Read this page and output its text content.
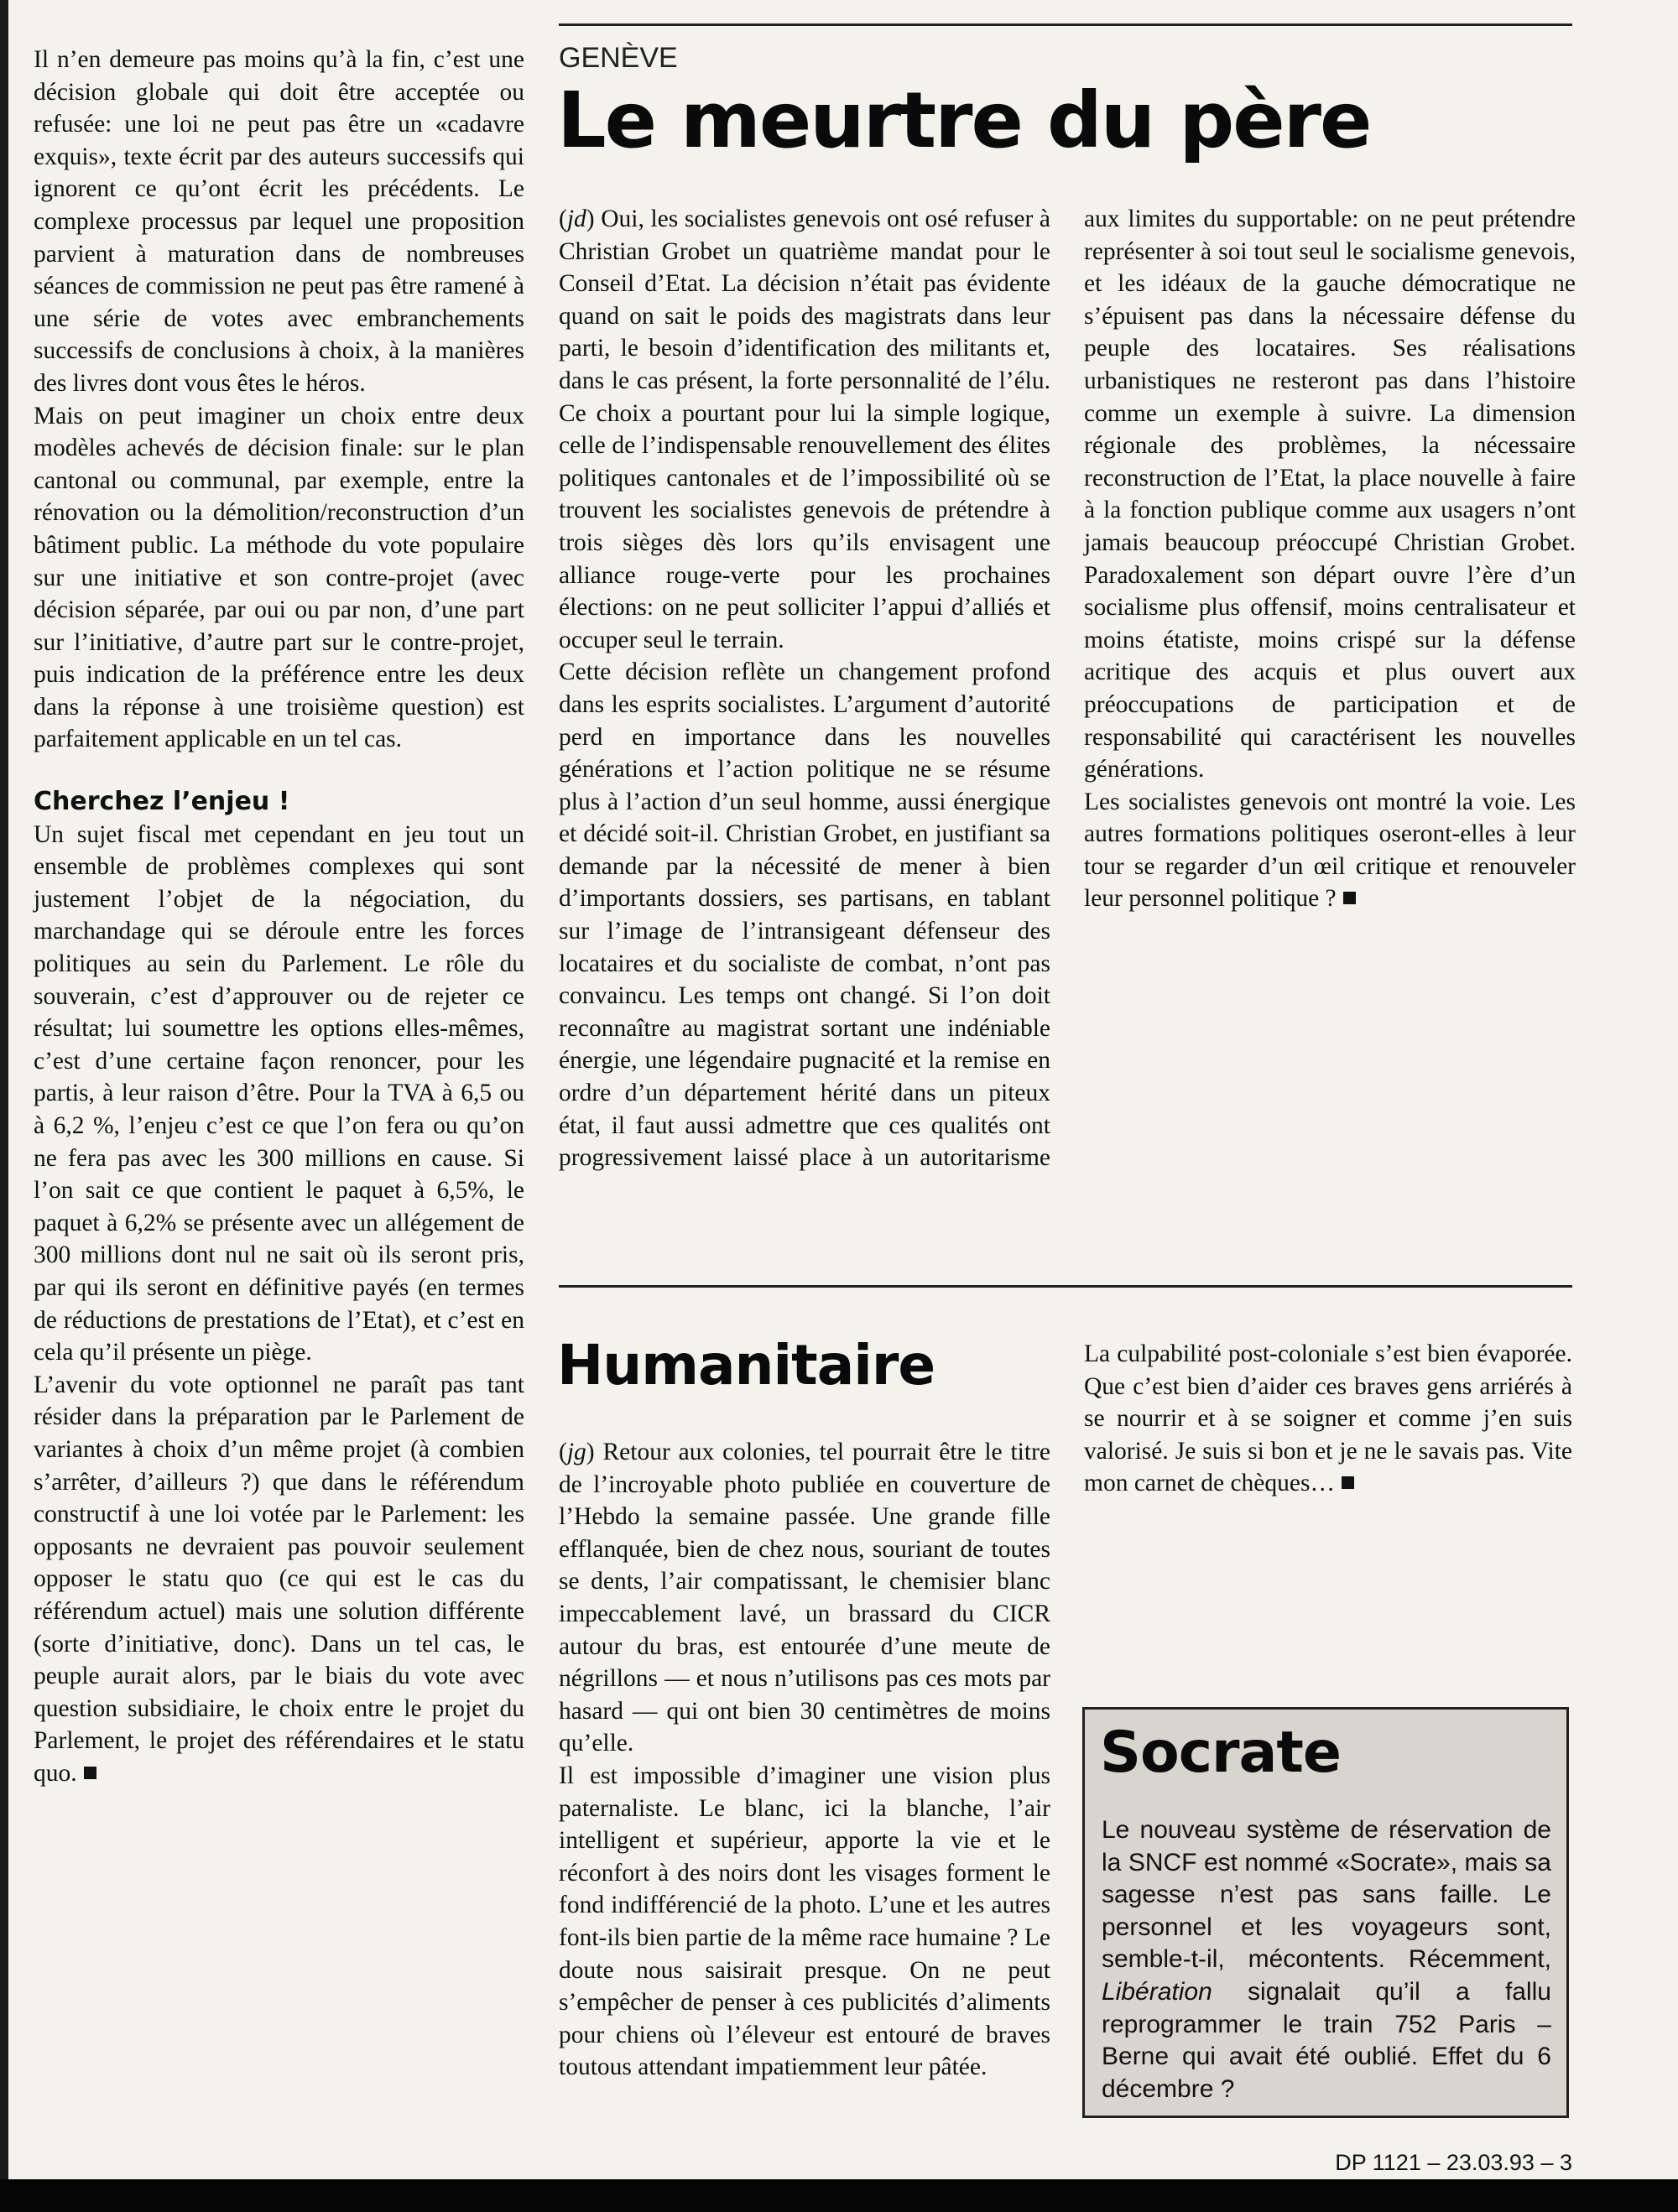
Il n’en demeure pas moins qu’à la fin, c’est une décision globale qui doit être acceptée ou refusée: une loi ne peut pas être un «cadavre exquis», texte écrit par des auteurs successifs qui ignorent ce qu’ont écrit les précédents. Le complexe processus par lequel une proposition parvient à maturation dans de nombreuses séances de commission ne peut pas être ramené à une série de votes avec embranchements successifs de conclusions à choix, à la manières des livres dont vous êtes le héros.

Mais on peut imaginer un choix entre deux modèles achevés de décision finale: sur le plan cantonal ou communal, par exemple, entre la rénovation ou la démolition/reconstruction d’un bâtiment public. La méthode du vote populaire sur une initiative et son contre-projet (avec décision séparée, par oui ou par non, d’une part sur l’initiative, d’autre part sur le contre-projet, puis indication de la préférence entre les deux dans la réponse à une troisième question) est parfaitement applicable en un tel cas.

Cherchez l’enjeu !

Un sujet fiscal met cependant en jeu tout un ensemble de problèmes complexes qui sont justement l’objet de la négociation, du marchandage qui se déroule entre les forces politiques au sein du Parlement. Le rôle du souverain, c’est d’approuver ou de rejeter ce résultat; lui soumettre les options elles-mêmes, c’est d’une certaine façon renoncer, pour les partis, à leur raison d’être. Pour la TVA à 6,5 ou à 6,2 %, l’enjeu c’est ce que l’on fera ou qu’on ne fera pas avec les 300 millions en cause. Si l’on sait ce que contient le paquet à 6,5%, le paquet à 6,2% se présente avec un allégement de 300 millions dont nul ne sait où ils seront pris, par qui ils seront en définitive payés (en termes de réductions de prestations de l’Etat), et c’est en cela qu’il présente un piège.

L’avenir du vote optionnel ne paraît pas tant résider dans la préparation par le Parlement de variantes à choix d’un même projet (à combien s’arrêter, d’ailleurs ?) que dans le référendum constructif à une loi votée par le Parlement: les opposants ne devraient pas pouvoir seulement opposer le statu quo (ce qui est le cas du référendum actuel) mais une solution différente (sorte d’initiative, donc). Dans un tel cas, le peuple aurait alors, par le biais du vote avec question subsidiaire, le choix entre le projet du Parlement, le projet des référendaires et le statu quo.

GENÈVE
Le meurtre du père

(jd) Oui, les socialistes genevois ont osé refuser à Christian Grobet un quatrième mandat pour le Conseil d’Etat. La décision n’était pas évidente quand on sait le poids des magistrats dans leur parti, le besoin d’identification des militants et, dans le cas présent, la forte personnalité de l’élu. Ce choix a pourtant pour lui la simple logique, celle de l’indispensable renouvellement des élites politiques cantonales et de l’impossibilité où se trouvent les socialistes genevois de prétendre à trois sièges dès lors qu’ils envisagent une alliance rouge-verte pour les prochaines élections: on ne peut solliciter l’appui d’alliés et occuper seul le terrain.

Cette décision reflète un changement profond dans les esprits socialistes. L’argument d’autorité perd en importance dans les nouvelles générations et l’action politique ne se résume plus à l’action d’un seul homme, aussi énergique et décidé soit-il. Christian Grobet, en justifiant sa demande par la nécessité de mener à bien d’importants dossiers, ses partisans, en tablant sur l’image de l’intransigeant défenseur des locataires et du socialiste de combat, n’ont pas convaincu. Les temps ont changé. Si l’on doit reconnaître au magistrat sortant une indéniable énergie, une légendaire pugnacité et la remise en ordre d’un département hérité dans un piteux état, il faut aussi admettre que ces qualités ont progressivement laissé place à un autoritarisme aux limites du supportable: on ne peut prétendre représenter à soi tout seul le socialisme genevois, et les idéaux de la gauche démocratique ne s’épuisent pas dans la nécessaire défense du peuple des locataires. Ses réalisations urbanistiques ne resteront pas dans l’histoire comme un exemple à suivre. La dimension régionale des problèmes, la nécessaire reconstruction de l’Etat, la place nouvelle à faire à la fonction publique comme aux usagers n’ont jamais beaucoup préoccupé Christian Grobet. Paradoxalement son départ ouvre l’ère d’un socialisme plus offensif, moins centralisateur et moins étatiste, moins crispé sur la défense acritique des acquis et plus ouvert aux préoccupations de participation et de responsabilité qui caractérisent les nouvelles générations.

Les socialistes genevois ont montré la voie. Les autres formations politiques oseront-elles à leur tour se regarder d’un œil critique et renouveler leur personnel politique ?

Humanitaire

(jg) Retour aux colonies, tel pourrait être le titre de l’incroyable photo publiée en couverture de l’Hebdo la semaine passée. Une grande fille efflanquée, bien de chez nous, souriant de toutes se dents, l’air compatissant, le chemisier blanc impeccablement lavé, un brassard du CICR autour du bras, est entourée d’une meute de négrillons — et nous n’utilisons pas ces mots par hasard — qui ont bien 30 centimètres de moins qu’elle.

Il est impossible d’imaginer une vision plus paternaliste. Le blanc, ici la blanche, l’air intelligent et supérieur, apporte la vie et le réconfort à des noirs dont les visages forment le fond indifférencié de la photo. L’une et les autres font-ils bien partie de la même race humaine ? Le doute nous saisirait presque. On ne peut s’empêcher de penser à ces publicités d’aliments pour chiens où l’éleveur est entouré de braves toutous attendant impatiemment leur pâtée.

La culpabilité post-coloniale s’est bien évaporée. Que c’est bien d’aider ces braves gens arriérés à se nourrir et à se soigner et comme j’en suis valorisé. Je suis si bon et je ne le savais pas. Vite mon carnet de chèques…

Socrate

Le nouveau système de réservation de la SNCF est nommé «Socrate», mais sa sagesse n’est pas sans faille. Le personnel et les voyageurs sont, semble-t-il, mécontents. Récemment, Libération signalait qu’il a fallu reprogrammer le train 752 Paris – Berne qui avait été oublié. Effet du 6 décembre ?

DP 1121 – 23.03.93 – 3
